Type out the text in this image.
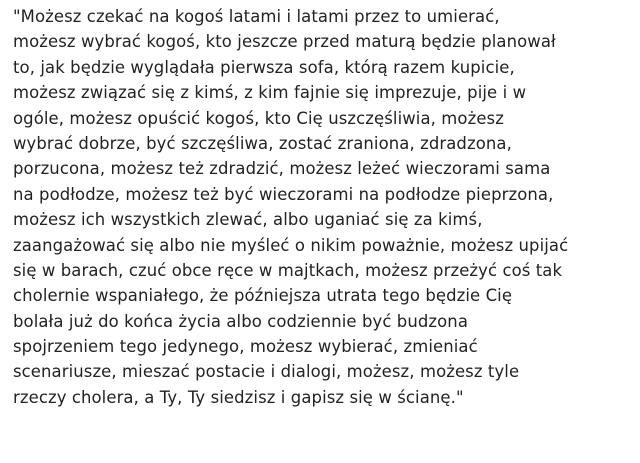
"Możesz czekać na kogoś latami i latami przez to umierać,
możesz wybrać kogoś, kto jeszcze przed maturą będzie planował
to, jak będzie wyglądała pierwsza sofa, którą razem kupicie,
możesz związać się z kimś, z kim fajnie się imprezuje, pije i w
ogóle, możesz opuścić kogoś, kto Cię uszczęśliwia, możesz
wybrać dobrze, być szczęśliwa, zostać zraniona, zdradzona,
porzucona, możesz też zdradzić, możesz leżeć wieczorami sama
na podłodze, możesz też być wieczorami na podłodze pieprzona,
możesz ich wszystkich zlewać, albo uganiać się za kimś,
zaangażować się albo nie myśleć o nikim poważnie, możesz upijać
się w barach, czuć obce ręce w majtkach, możesz przeżyć coś tak
cholernie wspaniałego, że późniejsza utrata tego będzie Cię
bolała już do końca życia albo codziennie być budzona
spojrzeniem tego jedynego, możesz wybierać, zmieniać
scenariusze, mieszać postacie i dialogi, możesz, możesz tyle
rzeczy cholera, a Ty, Ty siedzisz i gapisz się w ścianę."
